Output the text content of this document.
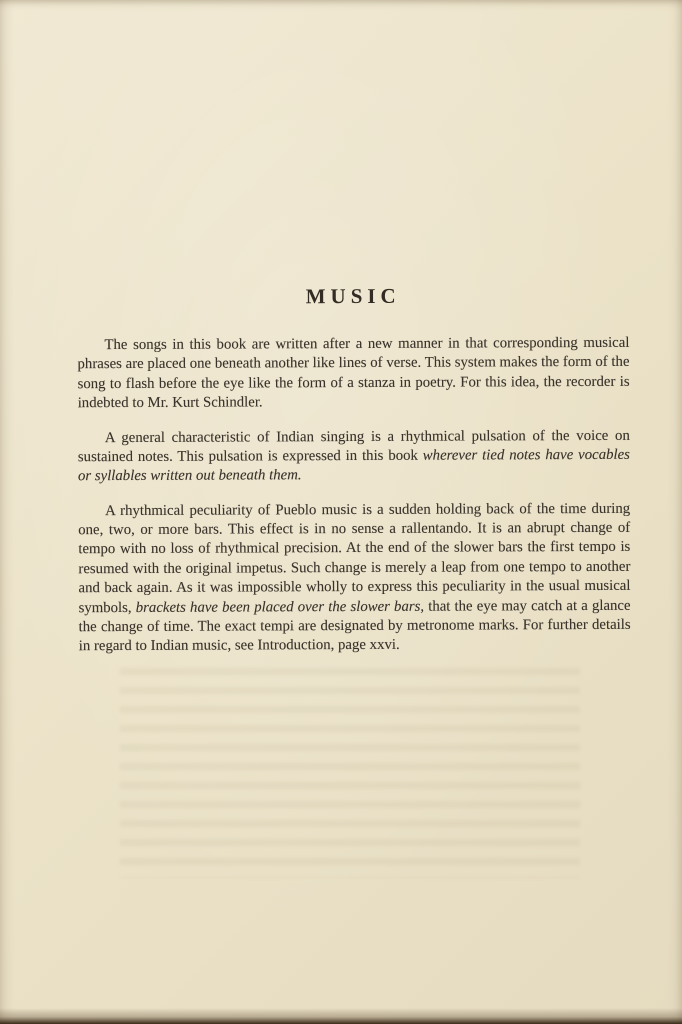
MUSIC

The songs in this book are written after a new manner in that corresponding musical phrases are placed one beneath another like lines of verse. This system makes the form of the song to flash before the eye like the form of a stanza in poetry. For this idea, the recorder is indebted to Mr. Kurt Schindler.

A general characteristic of Indian singing is a rhythmical pulsation of the voice on sustained notes. This pulsation is expressed in this book wherever tied notes have vocables or syllables written out beneath them.

A rhythmical peculiarity of Pueblo music is a sudden holding back of the time during one, two, or more bars. This effect is in no sense a rallentando. It is an abrupt change of tempo with no loss of rhythmical precision. At the end of the slower bars the first tempo is resumed with the original impetus. Such change is merely a leap from one tempo to another and back again. As it was impossible wholly to express this peculiarity in the usual musical symbols, brackets have been placed over the slower bars, that the eye may catch at a glance the change of time. The exact tempi are designated by metronome marks. For further details in regard to Indian music, see Introduction, page xxvi.
